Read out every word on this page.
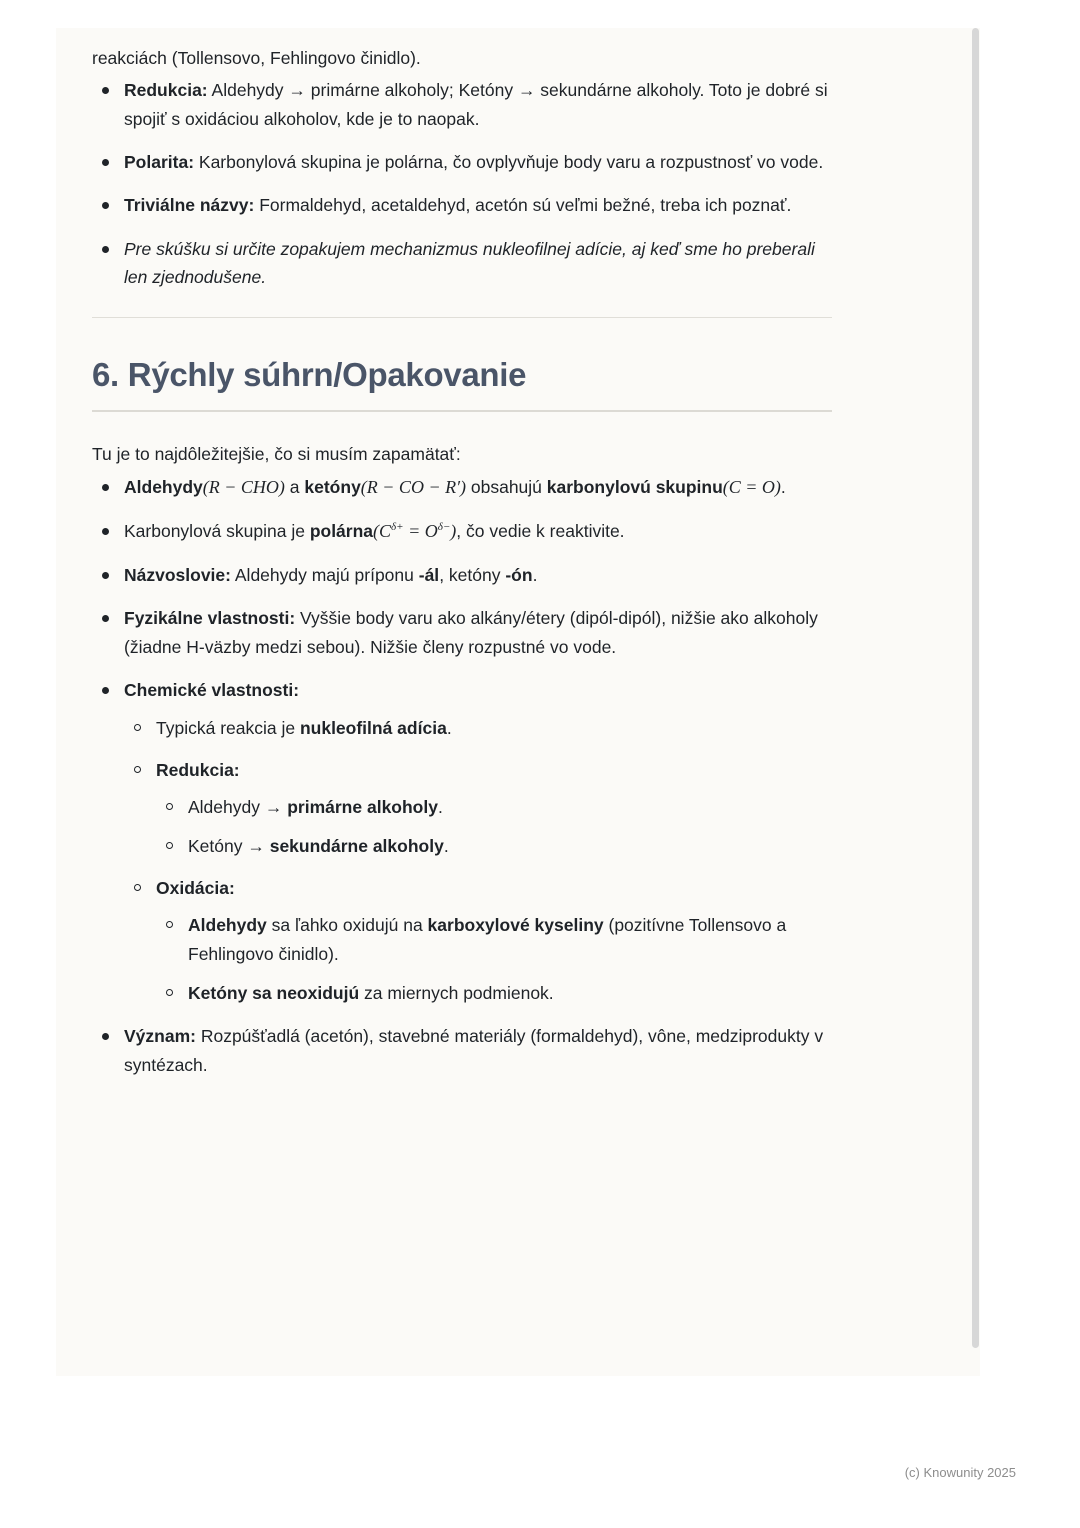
reakciách (Tollensovo, Fehlingovo činidlo).

Redukcia: Aldehydy → primárne alkoholy; Ketóny → sekundárne alkoholy. Toto je dobré si spojiť s oxidáciou alkoholov, kde je to naopak.
Polarita: Karbonylová skupina je polárna, čo ovplyvňuje body varu a rozpustnosť vo vode.
Triviálne názvy: Formaldehyd, acetaldehyd, acetón sú veľmi bežné, treba ich poznať.
Pre skúšku si určite zopakujem mechanizmus nukleofilnej adície, aj keď sme ho preberali len zjednodušene.
6. Rýchly súhrn/Opakovanie

Tu je to najdôležitejšie, čo si musím zapamätať:

Aldehydy(R − CHO) a ketóny(R − CO − R′) obsahujú karbonylovú skupinu(C = O).
Karbonylová skupina je $polárna(C^{\delta+} = O^{\delta-})$, čo vedie k reaktivite.
Názvoslovie: Aldehydy majú príponu -ál, ketóny -ón.
Fyzikálne vlastnosti: Vyššie body varu ako alkány/étery (dipól-dipól), nižšie ako alkoholy (žiadne H-väzby medzi sebou). Nižšie členy rozpustné vo vode.
Chemické vlastnosti:
Typická reakcia je nukleofilná adícia.
Redukcia:
Aldehydy → primárne alkoholy.
Ketóny → sekundárne alkoholy.
Oxidácia:
Aldehydy sa ľahko oxidujú na karboxylové kyseliny (pozitívne Tollensovo a Fehlingovo činidlo).
Ketóny sa neoxidujú za miernych podmienok.
Význam: Rozpúšťadlá (acetón), stavebné materiály (formaldehyd), vône, medziprodukty v syntézach.
(c) Knowunity 2025
